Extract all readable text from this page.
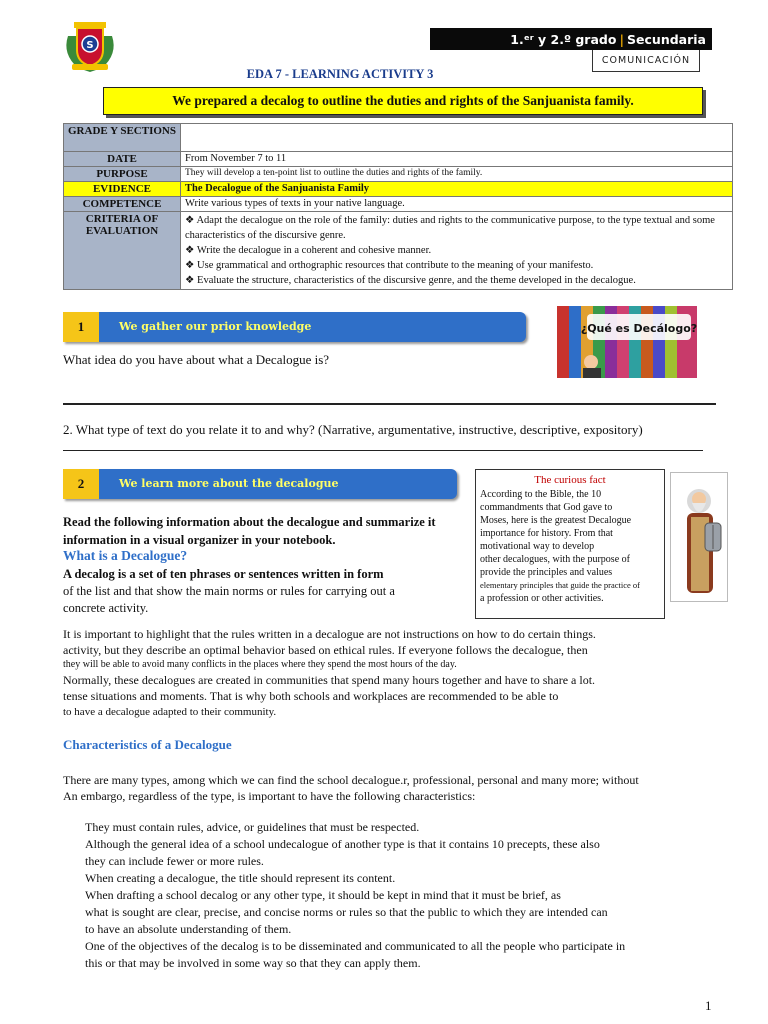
S	1.ᵉʳ y 2.º grado | Secundaria
COMUNICACIÓN
EDA 7 - LEARNING ACTIVITY 3
We prepared a decalog to outline the duties and rights of the Sanjuanista family.
GRADE Y SECTIONS	
DATE	From November 7 to 11
PURPOSE	They will develop a ten-point list to outline the duties and rights of the family.
EVIDENCE	The Decalogue of the Sanjuanista Family
COMPETENCE	Write various types of texts in your native language.
CRITERIA OF EVALUATION	❖ Adapt the decalogue on the role of the family: duties and rights to the communicative purpose, to the type textual and some characteristics of the discursive genre.
❖ Write the decalogue in a coherent and cohesive manner.
❖ Use grammatical and orthographic resources that contribute to the meaning of your manifesto.
❖ Evaluate the structure, characteristics of the discursive genre, and the theme developed in the decalogue.
1	We gather our prior knowledge	¿Qué es Decálogo?
What idea do you have about what a Decalogue is?
2. What type of text do you relate it to and why? (Narrative, argumentative, instructive, descriptive, expository)
2	We learn more about the decalogue	The curious fact
According to the Bible, the 10
commandments that God gave to
Moses, here is the greatest Decalogue
importance for history. From that
motivational way to develop
other decalogues, with the purpose of
provide the principles and values
elementary principles that guide the practice of
a profession or other activities.
Read the following information about the decalogue and summarize it
information in a visual organizer in your notebook.
What is a Decalogue?
A decalog is a set of ten phrases or sentences written in form
of the list and that show the main norms or rules for carrying out a
concrete activity.
It is important to highlight that the rules written in a decalogue are not instructions on how to do certain things.
activity, but they describe an optimal behavior based on ethical rules. If everyone follows the decalogue, then
they will be able to avoid many conflicts in the places where they spend the most hours of the day.
Normally, these decalogues are created in communities that spend many hours together and have to share a lot.
tense situations and moments. That is why both schools and workplaces are recommended to be able to
to have a decalogue adapted to their community.
Characteristics of a Decalogue
There are many types, among which we can find the school decalogue.r, professional, personal and many more; without
An embargo, regardless of the type, is important to have the following characteristics:
They must contain rules, advice, or guidelines that must be respected.
Although the general idea of a school undecalogue of another type is that it contains 10 precepts, these also
they can include fewer or more rules.
When creating a decalogue, the title should represent its content.
When drafting a school decalog or any other type, it should be kept in mind that it must be brief, as
what is sought are clear, precise, and concise norms or rules so that the public to which they are intended can
to have an absolute understanding of them.
One of the objectives of the decalog is to be disseminated and communicated to all the people who participate in
this or that may be involved in some way so that they can apply them.
1
